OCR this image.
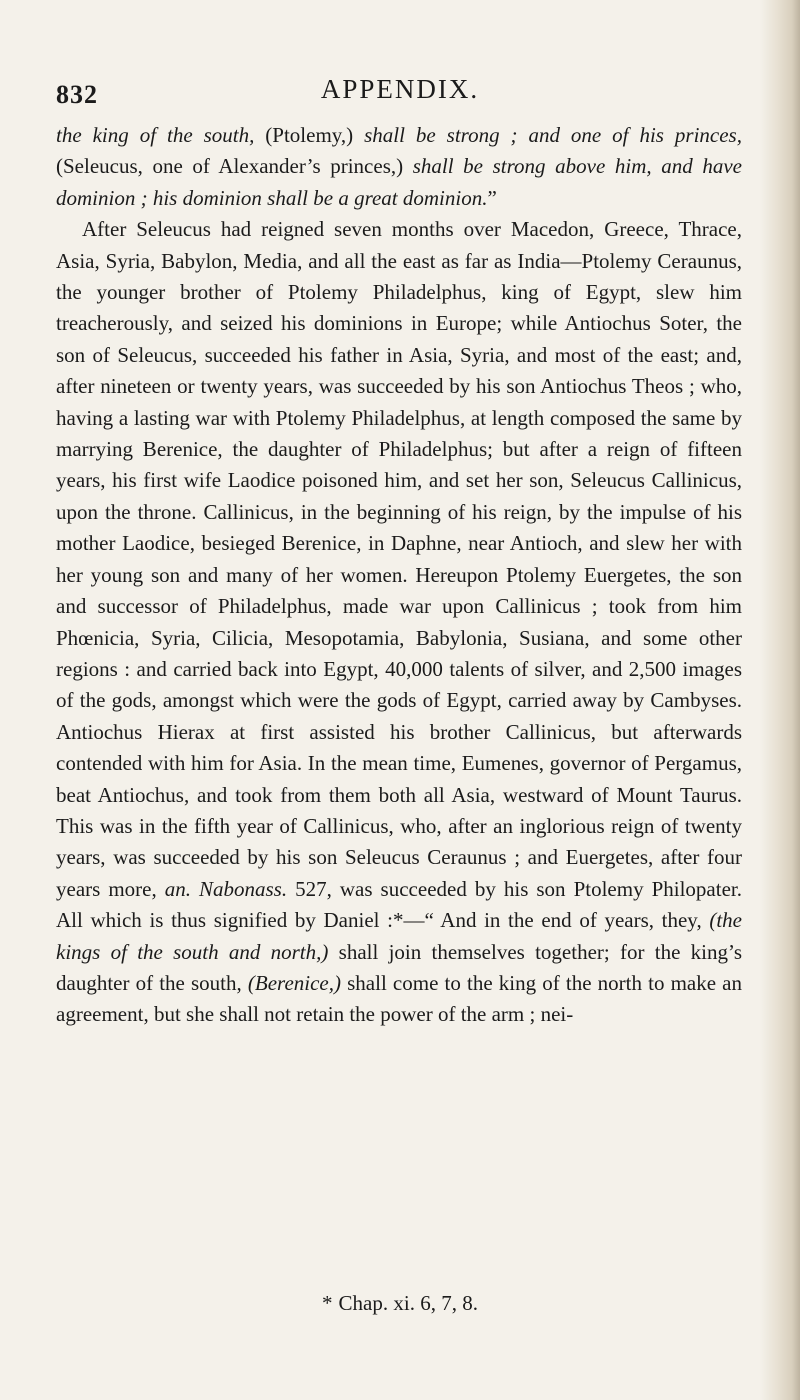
832	APPENDIX.

the king of the south, (Ptolemy,) shall be strong ; and one of his princes, (Seleucus, one of Alexander’s princes,) shall be strong above him, and have dominion ; his dominion shall be a great dominion.”

After Seleucus had reigned seven months over Macedon, Greece, Thrace, Asia, Syria, Babylon, Media, and all the east as far as India—Ptolemy Ceraunus, the younger brother of Ptolemy Philadelphus, king of Egypt, slew him treacherously, and seized his dominions in Europe; while Antiochus Soter, the son of Seleucus, succeeded his father in Asia, Syria, and most of the east; and, after nineteen or twenty years, was succeeded by his son Antiochus Theos ; who, having a lasting war with Ptolemy Philadelphus, at length composed the same by marrying Berenice, the daughter of Philadelphus; but after a reign of fifteen years, his first wife Laodice poisoned him, and set her son, Seleucus Callinicus, upon the throne. Callinicus, in the beginning of his reign, by the impulse of his mother Laodice, besieged Berenice, in Daphne, near Antioch, and slew her with her young son and many of her women. Hereupon Ptolemy Euergetes, the son and successor of Philadelphus, made war upon Callinicus ; took from him Phœnicia, Syria, Cilicia, Mesopotamia, Babylonia, Susiana, and some other regions : and carried back into Egypt, 40,000 talents of silver, and 2,500 images of the gods, amongst which were the gods of Egypt, carried away by Cambyses. Antiochus Hierax at first assisted his brother Callinicus, but afterwards contended with him for Asia. In the mean time, Eumenes, governor of Pergamus, beat Antiochus, and took from them both all Asia, westward of Mount Taurus. This was in the fifth year of Callinicus, who, after an inglorious reign of twenty years, was succeeded by his son Seleucus Ceraunus ; and Euergetes, after four years more, an. Nabonass. 527, was succeeded by his son Ptolemy Philopater. All which is thus signified by Daniel :*—“ And in the end of years, they, (the kings of the south and north,) shall join themselves together; for the king’s daughter of the south, (Berenice,) shall come to the king of the north to make an agreement, but she shall not retain the power of the arm ; nei-

* Chap. xi. 6, 7, 8.
